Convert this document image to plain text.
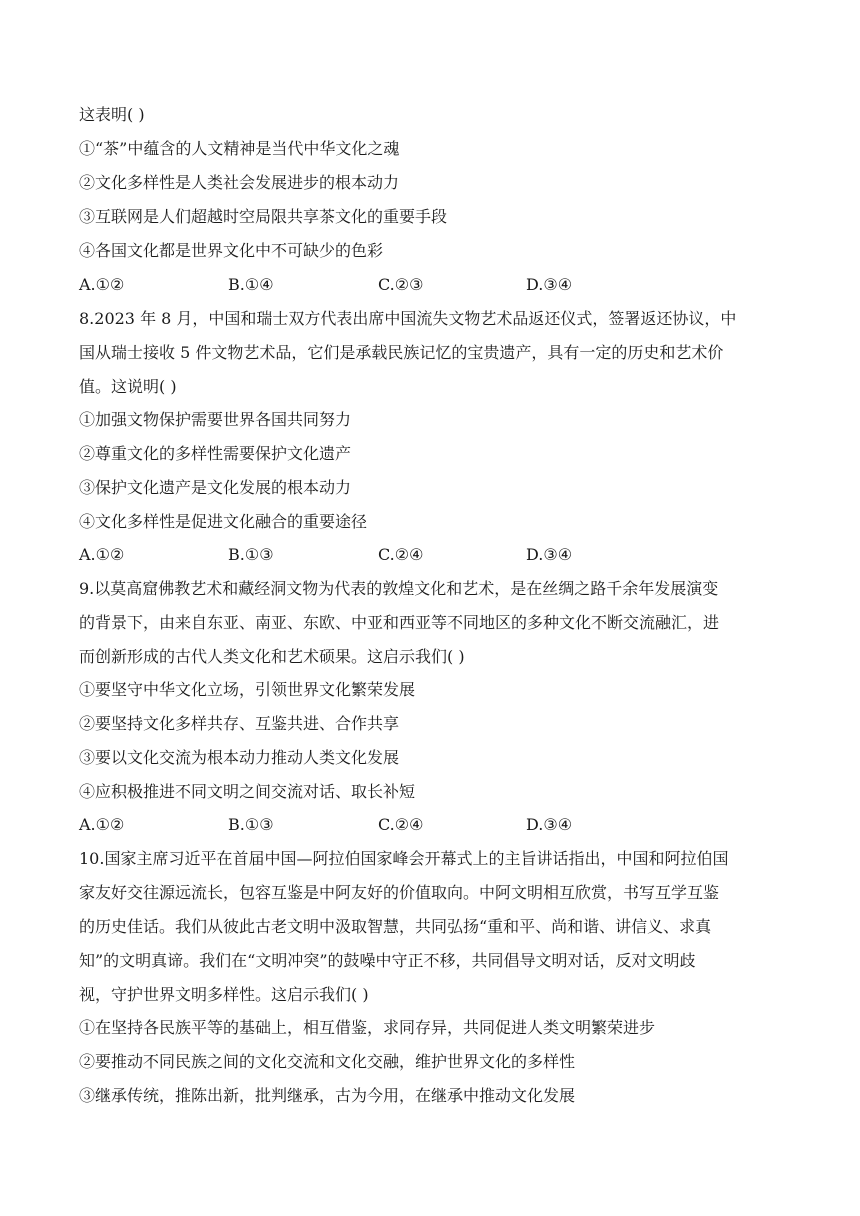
这表明( )
①“茶”中蕴含的人文精神是当代中华文化之魂
②文化多样性是人类社会发展进步的根本动力
③互联网是人们超越时空局限共享茶文化的重要手段
④各国文化都是世界文化中不可缺少的色彩
A.①②	B.①④	C.②③	D.③④
8.2023 年 8 月，中国和瑞士双方代表出席中国流失文物艺术品返还仪式，签署返还协议，中
国从瑞士接收 5 件文物艺术品，它们是承载民族记忆的宝贵遗产，具有一定的历史和艺术价
值。这说明( )
①加强文物保护需要世界各国共同努力
②尊重文化的多样性需要保护文化遗产
③保护文化遗产是文化发展的根本动力
④文化多样性是促进文化融合的重要途径
A.①②	B.①③	C.②④	D.③④
9.以莫高窟佛教艺术和藏经洞文物为代表的敦煌文化和艺术，是在丝绸之路千余年发展演变
的背景下，由来自东亚、南亚、东欧、中亚和西亚等不同地区的多种文化不断交流融汇，进
而创新形成的古代人类文化和艺术硕果。这启示我们( )
①要坚守中华文化立场，引领世界文化繁荣发展
②要坚持文化多样共存、互鉴共进、合作共享
③要以文化交流为根本动力推动人类文化发展
④应积极推进不同文明之间交流对话、取长补短
A.①②	B.①③	C.②④	D.③④
10.国家主席习近平在首届中国—阿拉伯国家峰会开幕式上的主旨讲话指出，中国和阿拉伯国
家友好交往源远流长，包容互鉴是中阿友好的价值取向。中阿文明相互欣赏，书写互学互鉴
的历史佳话。我们从彼此古老文明中汲取智慧，共同弘扬“重和平、尚和谐、讲信义、求真
知”的文明真谛。我们在“文明冲突”的鼓噪中守正不移，共同倡导文明对话，反对文明歧
视，守护世界文明多样性。这启示我们( )
①在坚持各民族平等的基础上，相互借鉴，求同存异，共同促进人类文明繁荣进步
②要推动不同民族之间的文化交流和文化交融，维护世界文化的多样性
③继承传统，推陈出新，批判继承，古为今用，在继承中推动文化发展
